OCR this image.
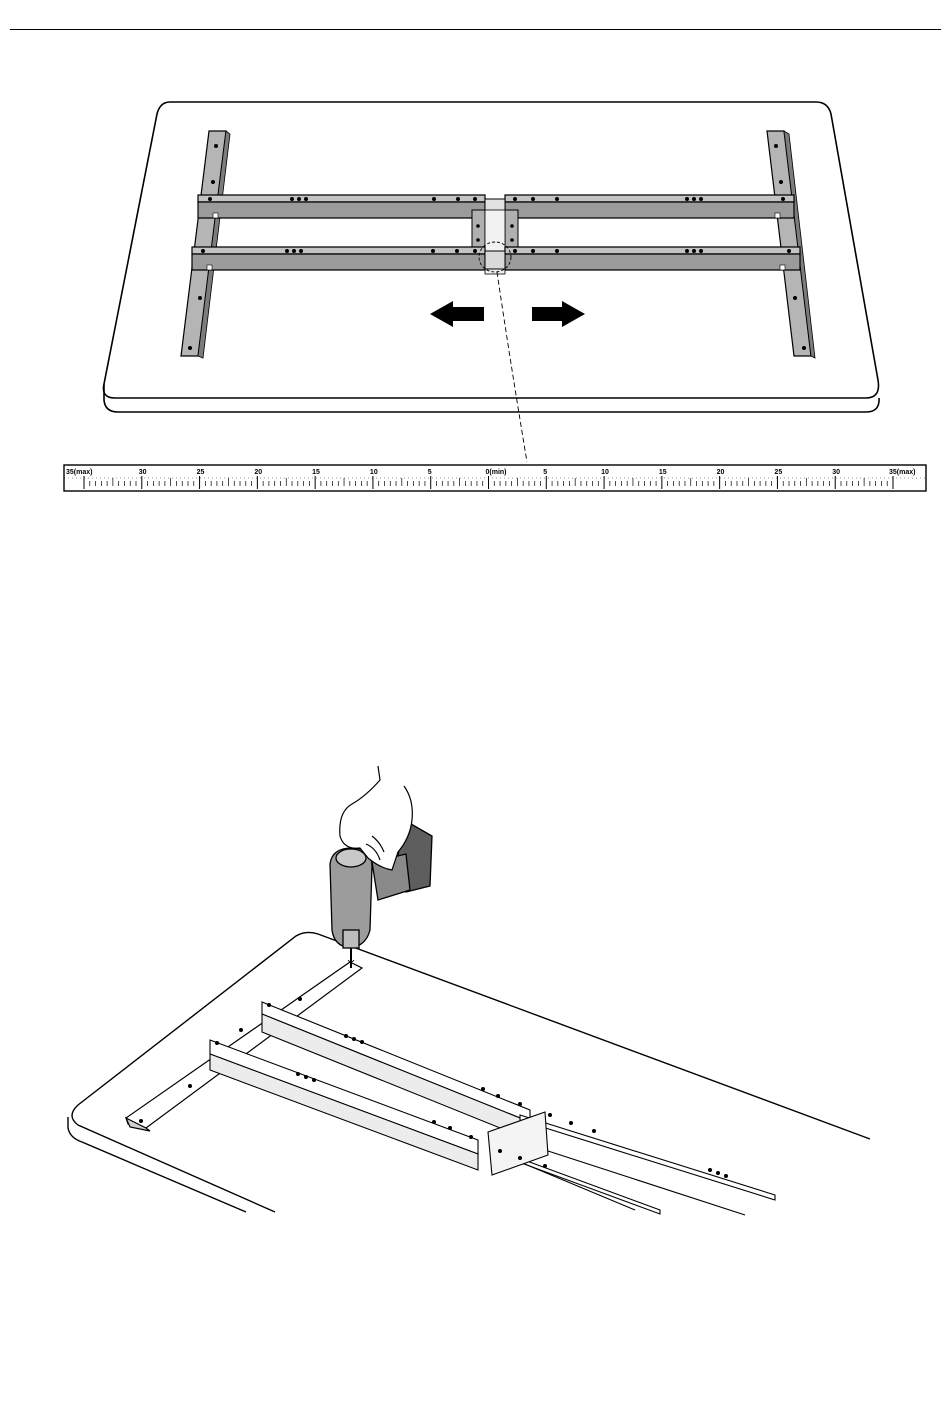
35(max)	30	25	20	15	10	5	0(min)	5	10	15	20	25	30	35(max)
